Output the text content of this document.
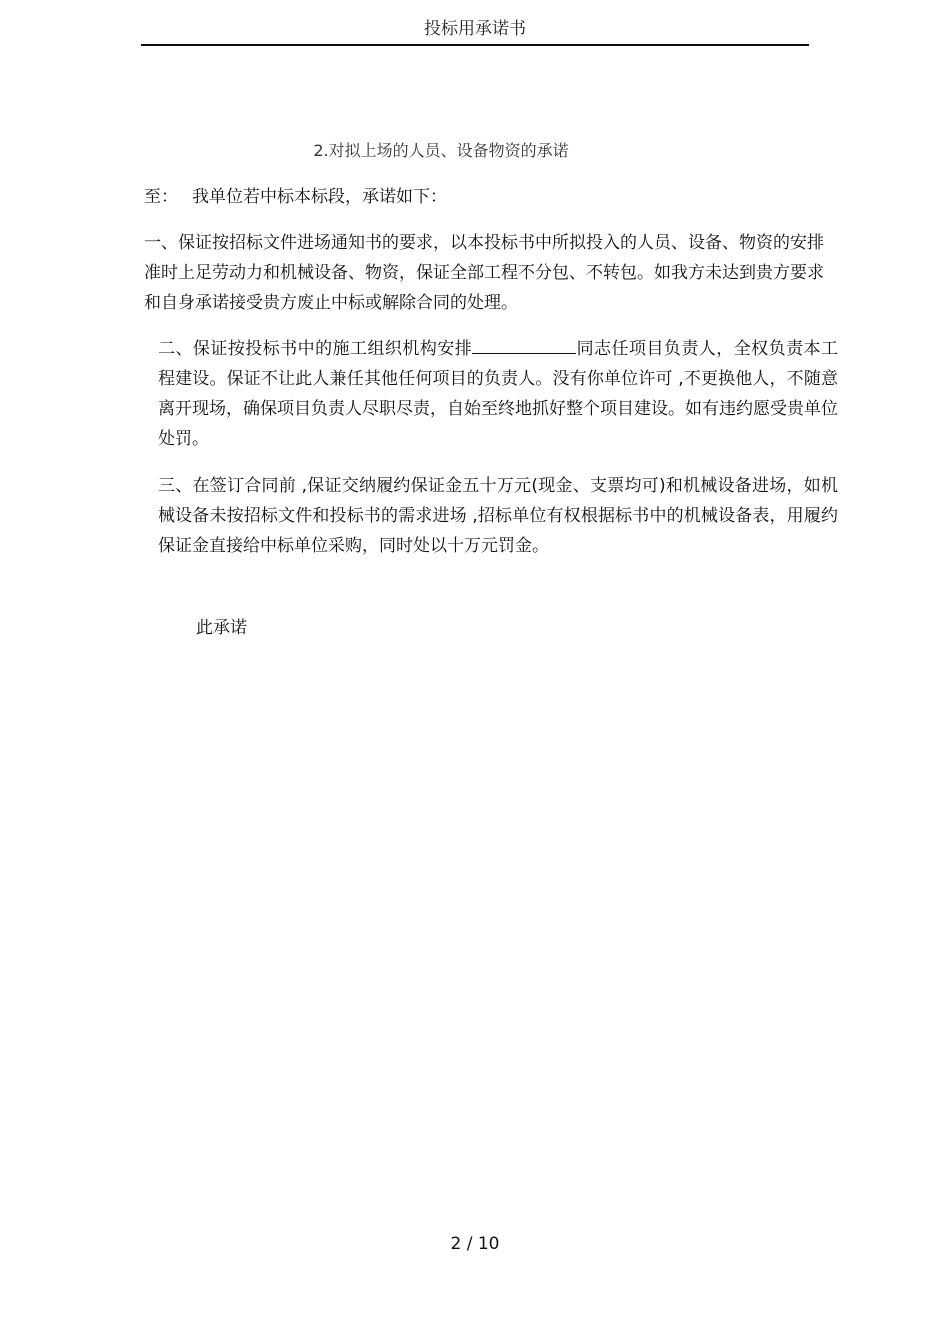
投标用承诺书
2.对拟上场的人员、设备物资的承诺
至： 我单位若中标本标段，承诺如下：
一、保证按招标文件进场通知书的要求，以本投标书中所拟投入的人员、设备、物资的安排准时上足劳动力和机械设备、物资，保证全部工程不分包、不转包。如我方未达到贵方要求和自身承诺接受贵方废止中标或解除合同的处理。
二、保证按投标书中的施工组织机构安排	同志任项目负责人，全权负责本工程建设。保证不让此人兼任其他任何项目的负责人。没有你单位许可 ,不更换他人，不随意离开现场，确保项目负责人尽职尽责，自始至终地抓好整个项目建设。如有违约愿受贵单位处罚。
三、在签订合同前 ,保证交纳履约保证金五十万元(现金、支票均可)和机械设备进场，如机械设备未按招标文件和投标书的需求进场 ,招标单位有权根据标书中的机械设备表，用履约保证金直接给中标单位采购，同时处以十万元罚金。
此承诺
2 / 10
